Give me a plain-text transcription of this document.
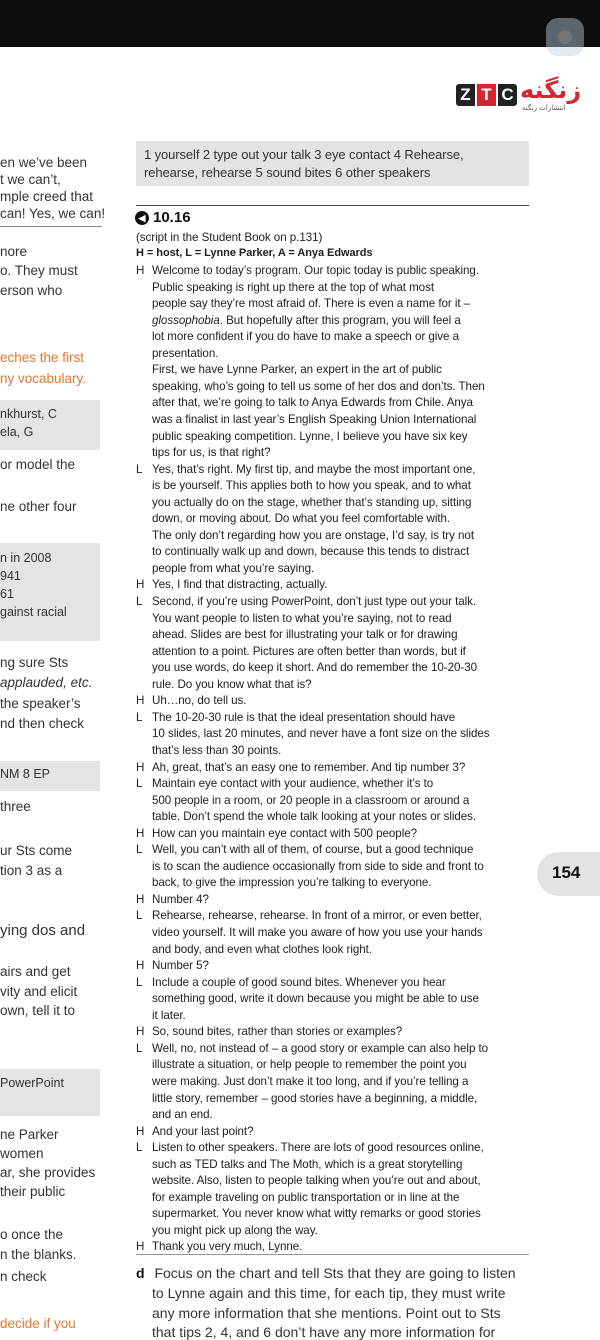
Z T C زنگنه
انتشارات زنگنه
en we’ve been
t we can’t,
mple creed that
can! Yes, we can!
nore
o. They must
erson who
eches the first
ny vocabulary.
nkhurst, C
ela, G
or model the
ne other four
n in 2008
941
61
gainst racial
ng sure Sts
applauded, etc.
the speaker’s
nd then check
NM 8 EP
three
ur Sts come
tion 3 as a
ying dos and
airs and get
vity and elicit
own, tell it to
PowerPoint
ne Parker
women
ar, she provides
their public
o once the
n the blanks.
n check
decide if you
1 yourself 2 type out your talk 3 eye contact 4 Rehearse,
rehearse, rehearse 5 sound bites 6 other speakers
◀ 10.16
(script in the Student Book on p.131)
H = host, L = Lynne Parker, A = Anya Edwards
H Welcome to today’s program. Our topic today is public speaking.
Public speaking is right up there at the top of what most
people say they’re most afraid of. There is even a name for it –
glossophobia. But hopefully after this program, you will feel a
lot more confident if you do have to make a speech or give a
presentation.
First, we have Lynne Parker, an expert in the art of public
speaking, who’s going to tell us some of her dos and don’ts. Then
after that, we’re going to talk to Anya Edwards from Chile. Anya
was a finalist in last year’s English Speaking Union International
public speaking competition. Lynne, I believe you have six key
tips for us, is that right?
L Yes, that’s right. My first tip, and maybe the most important one,
is be yourself. This applies both to how you speak, and to what
you actually do on the stage, whether that’s standing up, sitting
down, or moving about. Do what you feel comfortable with.
The only don’t regarding how you are onstage, I’d say, is try not
to continually walk up and down, because this tends to distract
people from what you’re saying.
H Yes, I find that distracting, actually.
L Second, if you’re using PowerPoint, don’t just type out your talk.
You want people to listen to what you’re saying, not to read
ahead. Slides are best for illustrating your talk or for drawing
attention to a point. Pictures are often better than words, but if
you use words, do keep it short. And do remember the 10-20-30
rule. Do you know what that is?
H Uh…no, do tell us.
L The 10-20-30 rule is that the ideal presentation should have
10 slides, last 20 minutes, and never have a font size on the slides
that’s less than 30 points.
H Ah, great, that’s an easy one to remember. And tip number 3?
L Maintain eye contact with your audience, whether it’s to
500 people in a room, or 20 people in a classroom or around a
table. Don’t spend the whole talk looking at your notes or slides.
H How can you maintain eye contact with 500 people?
L Well, you can’t with all of them, of course, but a good technique
is to scan the audience occasionally from side to side and front to
back, to give the impression you’re talking to everyone.
H Number 4?
L Rehearse, rehearse, rehearse. In front of a mirror, or even better,
video yourself. It will make you aware of how you use your hands
and body, and even what clothes look right.
H Number 5?
L Include a couple of good sound bites. Whenever you hear
something good, write it down because you might be able to use
it later.
H So, sound bites, rather than stories or examples?
L Well, no, not instead of – a good story or example can also help to
illustrate a situation, or help people to remember the point you
were making. Just don’t make it too long, and if you’re telling a
little story, remember – good stories have a beginning, a middle,
and an end.
H And your last point?
L Listen to other speakers. There are lots of good resources online,
such as TED talks and The Moth, which is a great storytelling
website. Also, listen to people talking when you’re out and about,
for example traveling on public transportation or in line at the
supermarket. You never know what witty remarks or good stories
you might pick up along the way.
H Thank you very much, Lynne.
d Focus on the chart and tell Sts that they are going to listen
to Lynne again and this time, for each tip, they must write
any more information that she mentions. Point out to Sts
that tips 2, 4, and 6 don’t have any more information for
154
